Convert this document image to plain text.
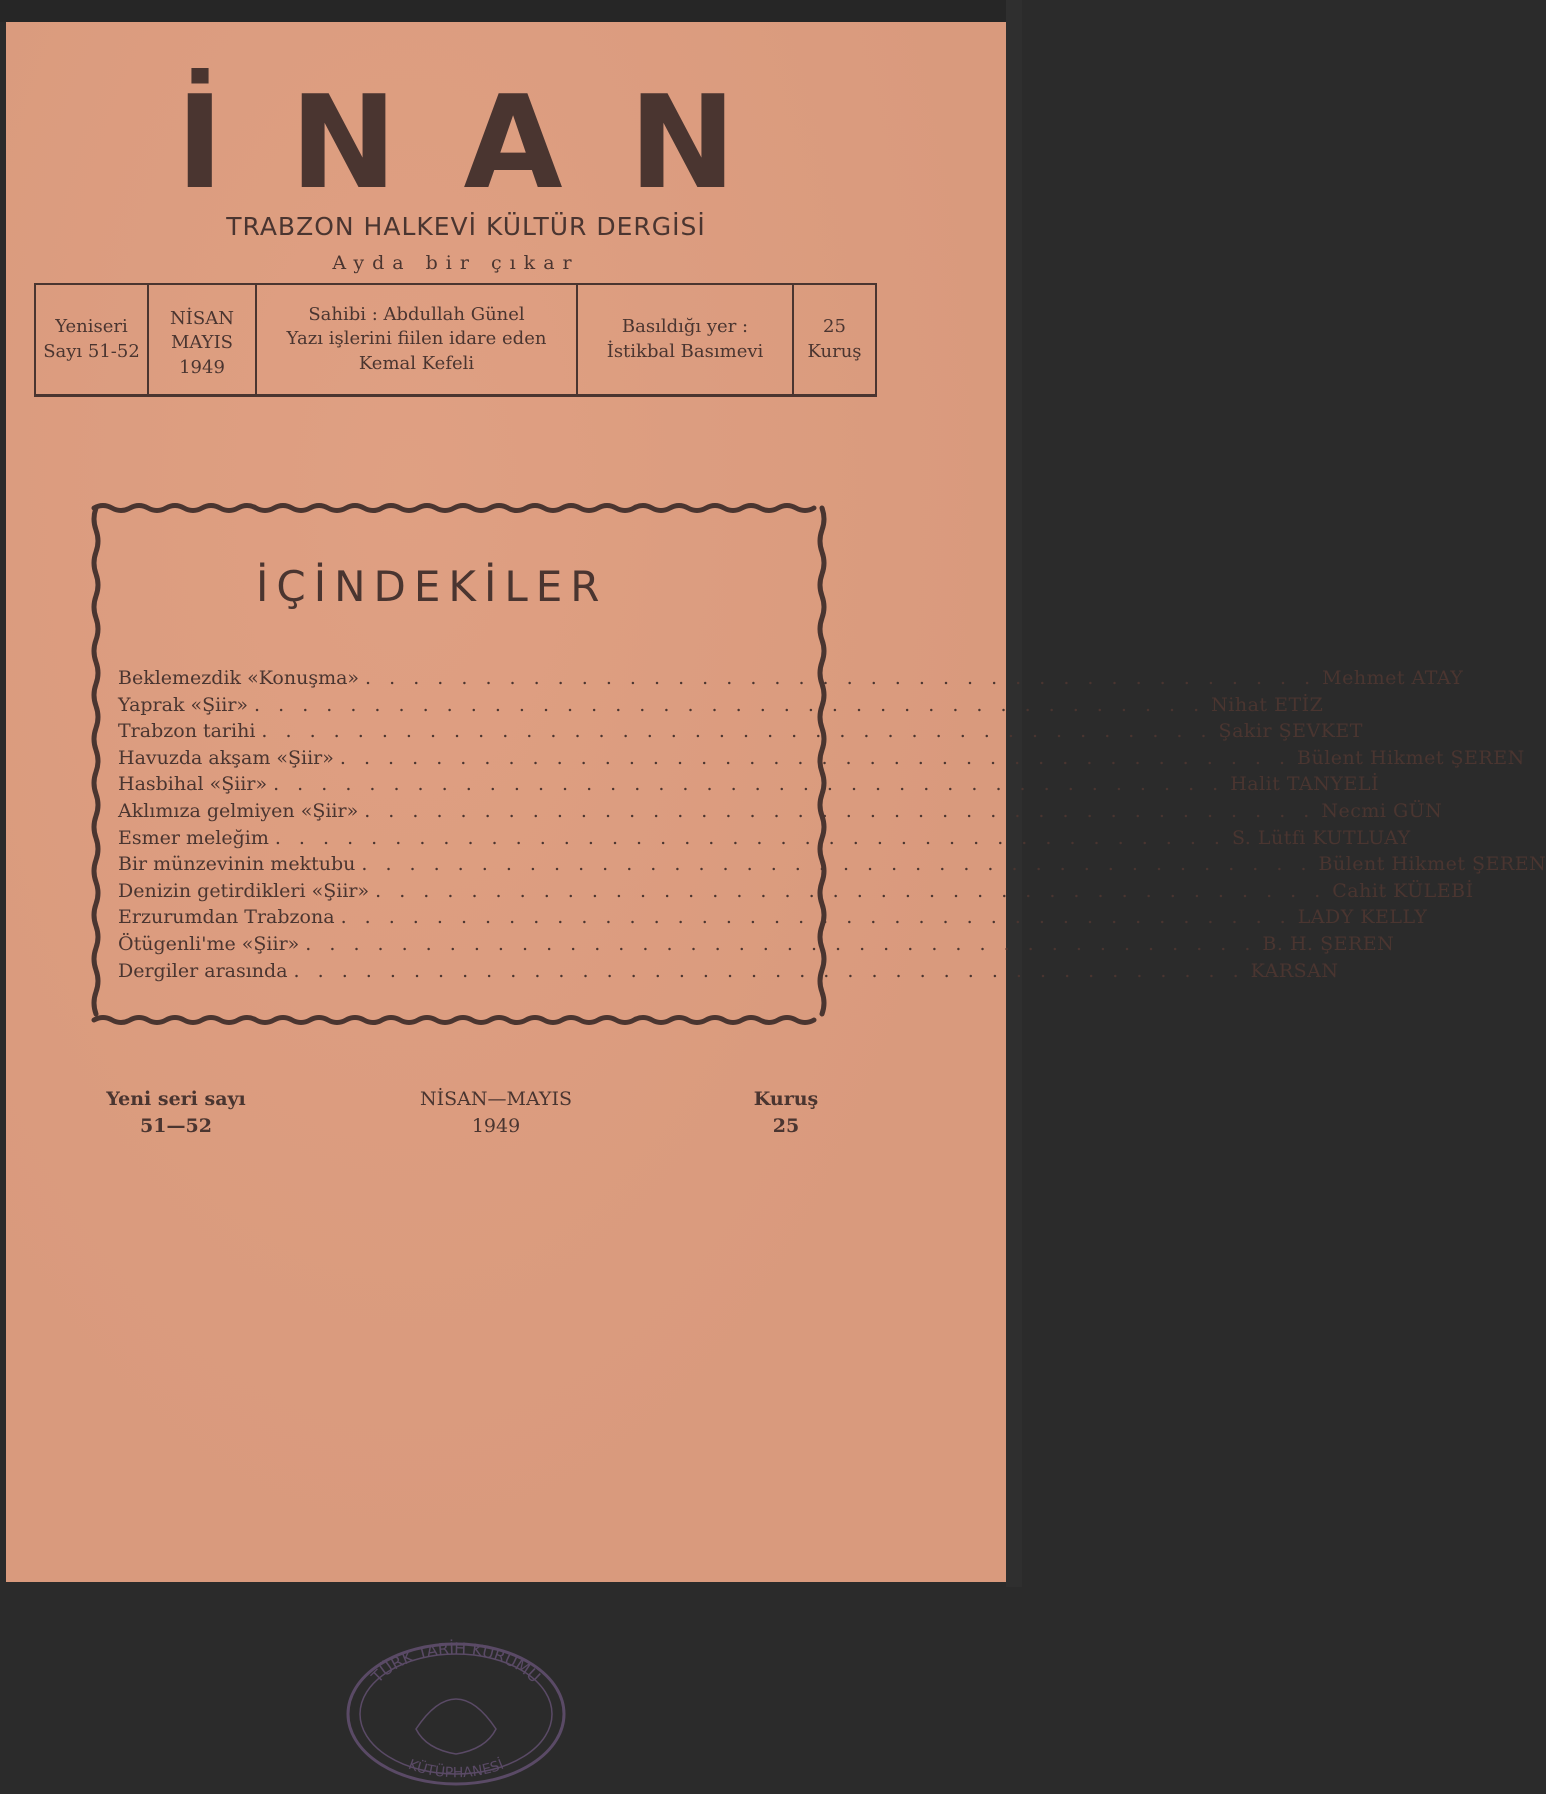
İ N A N
TRABZON HALKEVİ KÜLTÜR DERGİSİ
Ayda bir çıkar
Yeniseri
Sayı 51-52
NİSAN
MAYIS
1949
Sahibi : Abdullah Günel
Yazı işlerini fiilen idare eden
Kemal Kefeli
Basıldığı yer :
İstikbal Basımevi
25
Kuruş
İÇİNDEKİLER
Beklemezdik «Konuşma» . . . . . . . . . . . . . . . . . . . . . . . . . . . . . . . . . . . . . . . . Mehmet ATAY
Yaprak «Şiir» . . . . . . . . . . . . . . . . . . . . . . . . . . . . . . . . . . . . . . . . Nihat ETİZ
Trabzon tarihi . . . . . . . . . . . . . . . . . . . . . . . . . . . . . . . . . . . . . . . . Şakir ŞEVKET
Havuzda akşam «Şiir» . . . . . . . . . . . . . . . . . . . . . . . . . . . . . . . . . . . . . . . . Bülent Hikmet ŞEREN
Hasbihal «Şiir» . . . . . . . . . . . . . . . . . . . . . . . . . . . . . . . . . . . . . . . . Halit TANYELİ
Aklımıza gelmiyen «Şiir» . . . . . . . . . . . . . . . . . . . . . . . . . . . . . . . . . . . . . . . . Necmi GÜN
Esmer meleğim . . . . . . . . . . . . . . . . . . . . . . . . . . . . . . . . . . . . . . . . S. Lütfi KUTLUAY
Bir münzevinin mektubu . . . . . . . . . . . . . . . . . . . . . . . . . . . . . . . . . . . . . . . . Bülent Hikmet ŞEREN
Denizin getirdikleri «Şiir» . . . . . . . . . . . . . . . . . . . . . . . . . . . . . . . . . . . . . . . . Cahit KÜLEBİ
Erzurumdan Trabzona . . . . . . . . . . . . . . . . . . . . . . . . . . . . . . . . . . . . . . . . LADY KELLY
Ötügenli'me «Şiir» . . . . . . . . . . . . . . . . . . . . . . . . . . . . . . . . . . . . . . . . B. H. ŞEREN
Dergiler arasında . . . . . . . . . . . . . . . . . . . . . . . . . . . . . . . . . . . . . . . . KARSAN
Yeni seri sayı
51—52
NİSAN—MAYIS
1949
Kuruş
25
TÜRK TARİH KURUMU
KÜTÜPHANESİ
